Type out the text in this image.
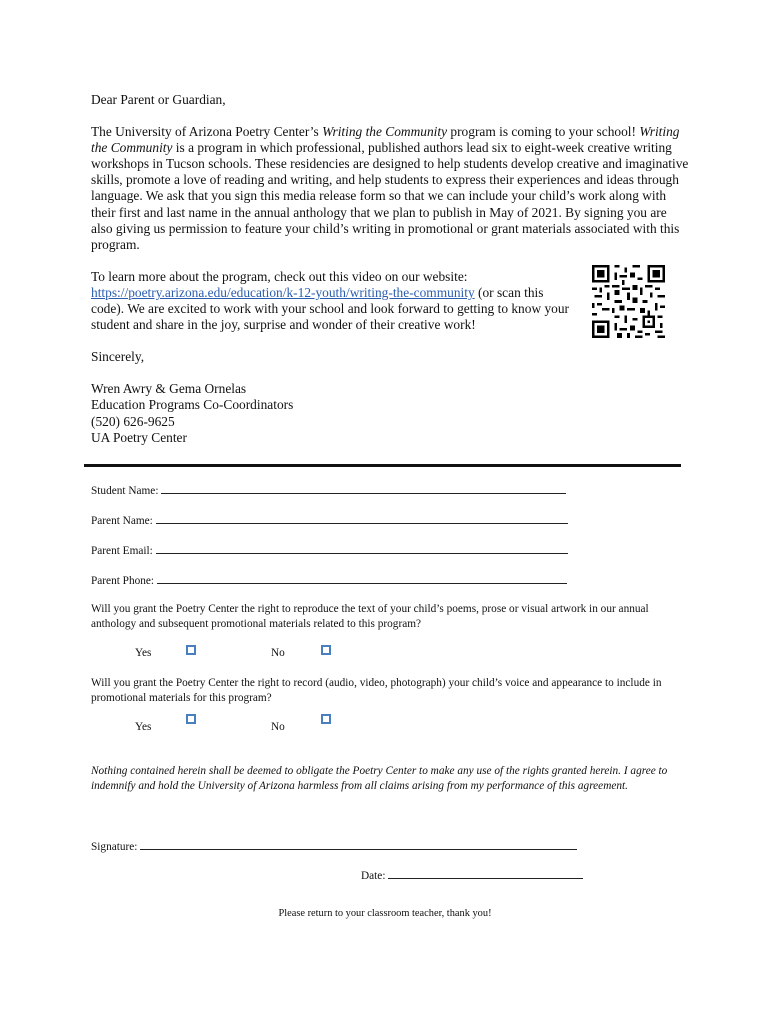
Dear Parent or Guardian,

The University of Arizona Poetry Center’s Writing the Community program is coming to your school! Writing the Community is a program in which professional, published authors lead six to eight-week creative writing workshops in Tucson schools. These residencies are designed to help students develop creative and imaginative skills, promote a love of reading and writing, and help students to express their experiences and ideas through language. We ask that you sign this media release form so that we can include your child’s work along with their first and last name in the annual anthology that we plan to publish in May of 2021. By signing you are also giving us permission to feature your child’s writing in promotional or grant materials associated with this program.

To learn more about the program, check out this video on our website: https://poetry.arizona.edu/education/k-12-youth/writing-the-community (or scan this code). We are excited to work with your school and look forward to getting to know your student and share in the joy, surprise and wonder of their creative work!

Sincerely,

Wren Awry & Gema Ornelas

Education Programs Co-Coordinators

(520) 626-9625

UA Poetry Center

Student Name:
Parent Name:
Parent Email:
Parent Phone:
Will you grant the Poetry Center the right to reproduce the text of your child’s poems, prose or visual artwork in our annual anthology and subsequent promotional materials related to this program?
Yes	No
Will you grant the Poetry Center the right to record (audio, video, photograph) your child’s voice and appearance to include in promotional materials for this program?
Yes	No
Signature:
Date:
Nothing contained herein shall be deemed to obligate the Poetry Center to make any use of the rights granted herein. I agree to indemnify and hold the University of Arizona harmless from all claims arising from my performance of this agreement.
Please return to your classroom teacher, thank you!
